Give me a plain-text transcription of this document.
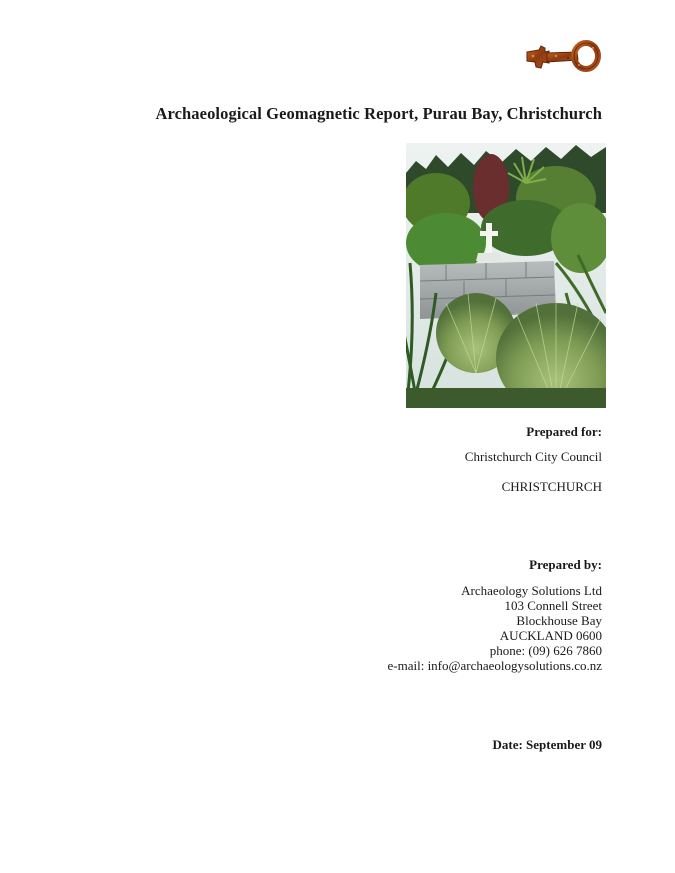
Archaeological Geomagnetic Report, Purau Bay, Christchurch
Prepared for:
Christchurch City Council
CHRISTCHURCH
Prepared by:
Archaeology Solutions Ltd
103 Connell Street
Blockhouse Bay
AUCKLAND 0600
phone: (09) 626 7860
e-mail: info@archaeologysolutions.co.nz
Date: September 09
